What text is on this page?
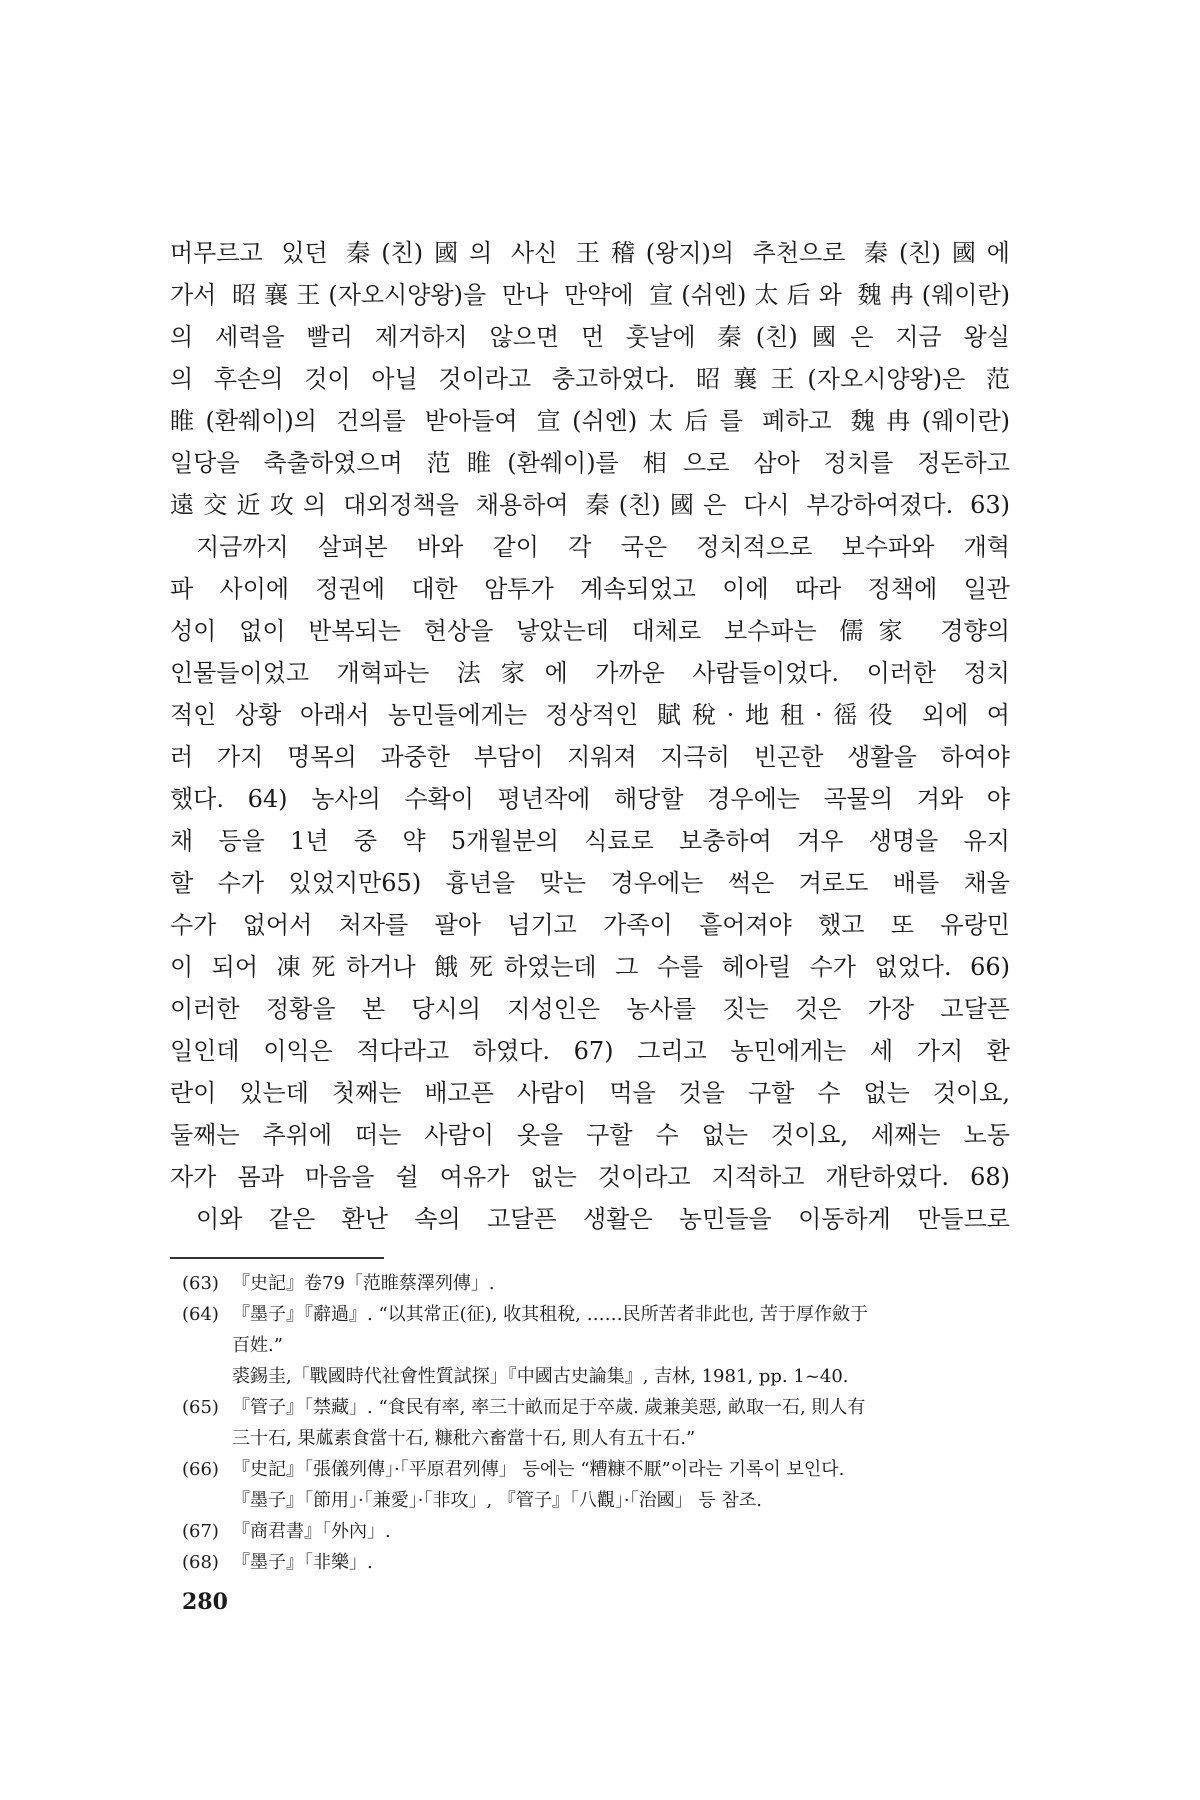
머무르고 있던 秦(친)國의 사신 王稽(왕지)의 추천으로 秦(친)國에
가서 昭襄王(자오시양왕)을 만나 만약에 宣(쉬엔)太后와 魏冉(웨이란)
의 세력을 빨리 제거하지 않으면 먼 훗날에 秦(친)國은 지금 왕실
의 후손의 것이 아닐 것이라고 충고하였다. 昭襄王(자오시양왕)은 范
睢(환쒜이)의 건의를 받아들여 宣(쉬엔)太后를 폐하고 魏冉(웨이란)
일당을 축출하였으며 范睢(환쒜이)를 相으로 삼아 정치를 정돈하고
遠交近攻의 대외정책을 채용하여 秦(친)國은 다시 부강하여졌다. 63)
지금까지 살펴본 바와 같이 각 국은 정치적으로 보수파와 개혁
파 사이에 정권에 대한 암투가 계속되었고 이에 따라 정책에 일관
성이 없이 반복되는 현상을 낳았는데 대체로 보수파는 儒家 경향의
인물들이었고 개혁파는 法家에 가까운 사람들이었다. 이러한 정치
적인 상황 아래서 농민들에게는 정상적인 賦稅·地租·徭役 외에 여
러 가지 명목의 과중한 부담이 지워져 지극히 빈곤한 생활을 하여야
했다. 64) 농사의 수확이 평년작에 해당할 경우에는 곡물의 겨와 야
채 등을 1년 중 약 5개월분의 식료로 보충하여 겨우 생명을 유지
할 수가 있었지만65) 흉년을 맞는 경우에는 썩은 겨로도 배를 채울
수가 없어서 처자를 팔아 넘기고 가족이 흩어져야 했고 또 유랑민
이 되어 凍死하거나 餓死하였는데 그 수를 헤아릴 수가 없었다. 66)
이러한 정황을 본 당시의 지성인은 농사를 짓는 것은 가장 고달픈
일인데 이익은 적다라고 하였다. 67) 그리고 농민에게는 세 가지 환
란이 있는데 첫째는 배고픈 사람이 먹을 것을 구할 수 없는 것이요,
둘째는 추위에 떠는 사람이 옷을 구할 수 없는 것이요, 세째는 노동
자가 몸과 마음을 쉴 여유가 없는 것이라고 지적하고 개탄하였다. 68)
이와 같은 환난 속의 고달픈 생활은 농민들을 이동하게 만들므로
(63) 『史記』卷79「范睢蔡澤列傳」.
(64) 『墨子』『辭過』. “以其常正(征), 收其租稅, ……民所苦者非此也, 苦于厚作斂于
百姓.”
裘錫圭,「戰國時代社會性質試探」『中國古史論集』, 吉林, 1981, pp. 1~40.
(65) 『管子』「禁藏」. “食民有率, 率三十畝而足于卒歲. 歲兼美惡, 畝取一石, 則人有
三十石, 果蓏素食當十石, 糠秕六畜當十石, 則人有五十石.”
(66) 『史記』「張儀列傳」·「平原君列傳」 등에는 “糟糠不厭”이라는 기록이 보인다.
『墨子』「節用」·「兼愛」·「非攻」, 『管子』「八觀」·「治國」 등 참조.
(67) 『商君書』「外內」.
(68) 『墨子』「非樂」.
280
